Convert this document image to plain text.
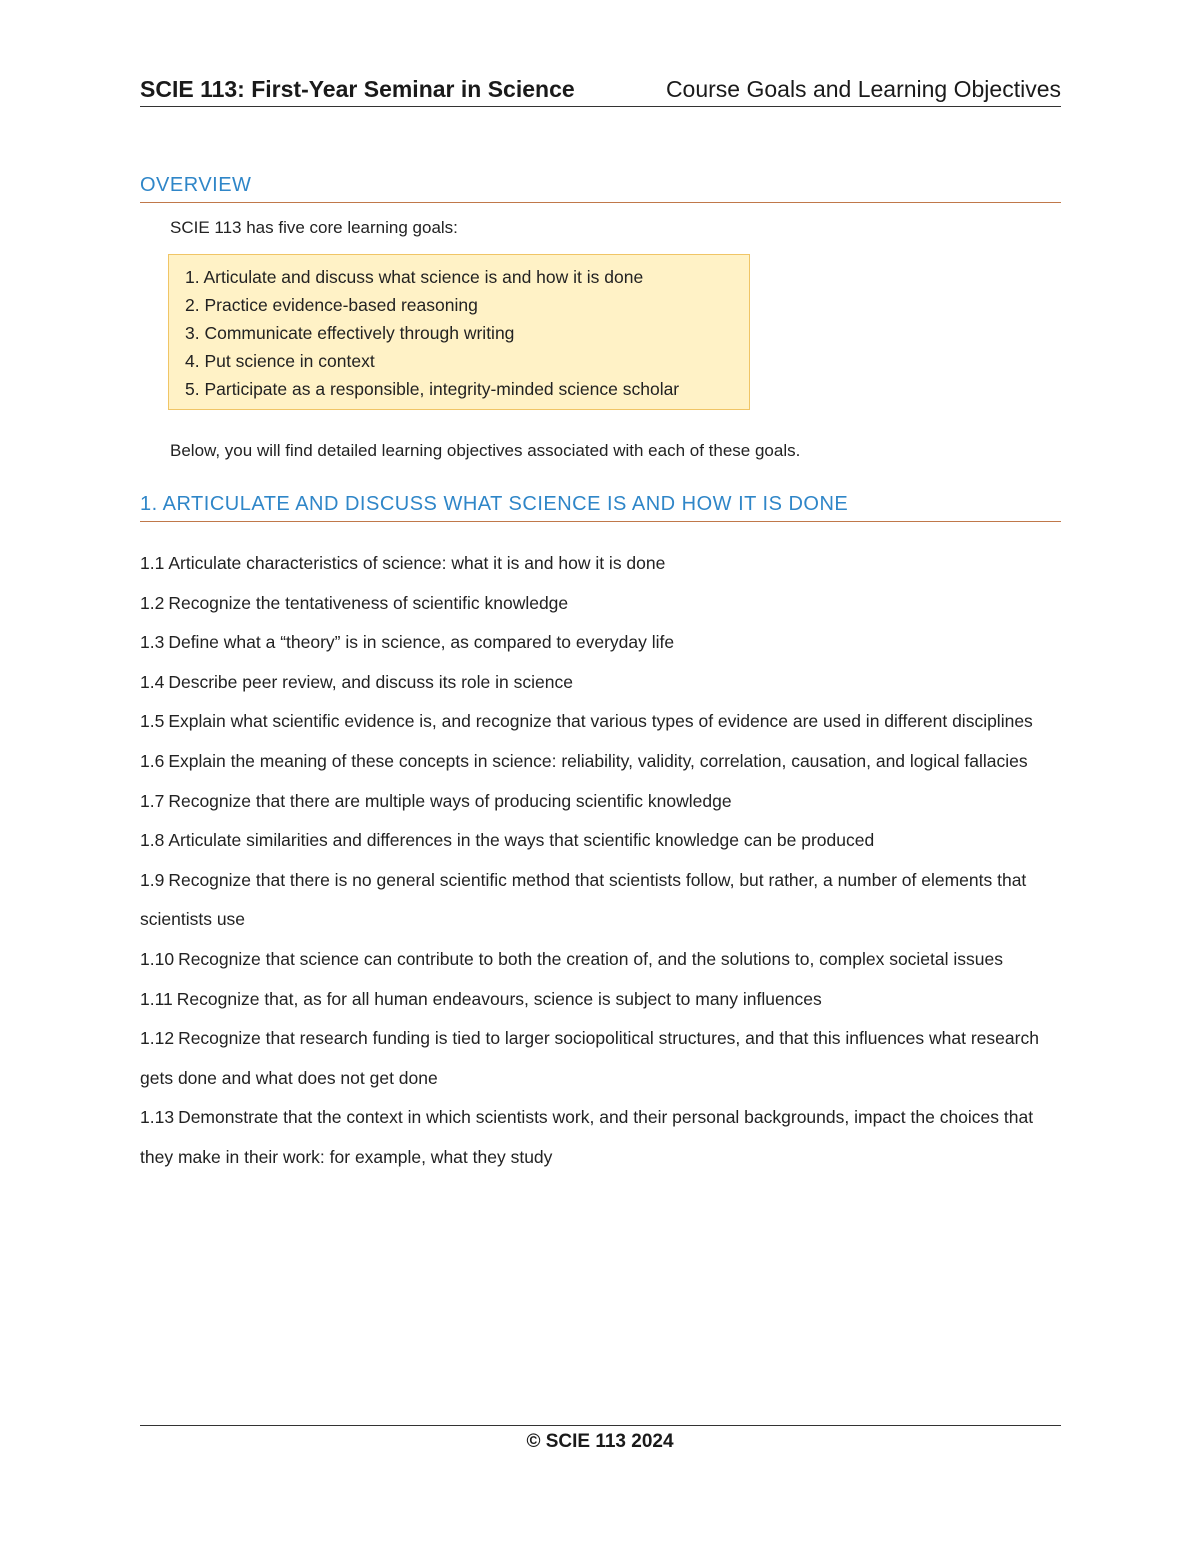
SCIE 113: First-Year Seminar in Science	Course Goals and Learning Objectives
OVERVIEW
SCIE 113 has five core learning goals:
1. Articulate and discuss what science is and how it is done
2. Practice evidence-based reasoning
3. Communicate effectively through writing
4. Put science in context
5. Participate as a responsible, integrity-minded science scholar
Below, you will find detailed learning objectives associated with each of these goals.
1. ARTICULATE AND DISCUSS WHAT SCIENCE IS AND HOW IT IS DONE
1.1 Articulate characteristics of science: what it is and how it is done
1.2 Recognize the tentativeness of scientific knowledge
1.3 Define what a “theory” is in science, as compared to everyday life
1.4 Describe peer review, and discuss its role in science
1.5 Explain what scientific evidence is, and recognize that various types of evidence are used in different disciplines
1.6 Explain the meaning of these concepts in science: reliability, validity, correlation, causation, and logical fallacies
1.7 Recognize that there are multiple ways of producing scientific knowledge
1.8 Articulate similarities and differences in the ways that scientific knowledge can be produced
1.9 Recognize that there is no general scientific method that scientists follow, but rather, a number of elements that scientists use
1.10 Recognize that science can contribute to both the creation of, and the solutions to, complex societal issues
1.11 Recognize that, as for all human endeavours, science is subject to many influences
1.12 Recognize that research funding is tied to larger sociopolitical structures, and that this influences what research gets done and what does not get done
1.13 Demonstrate that the context in which scientists work, and their personal backgrounds, impact the choices that they make in their work: for example, what they study
© SCIE 113 2024
